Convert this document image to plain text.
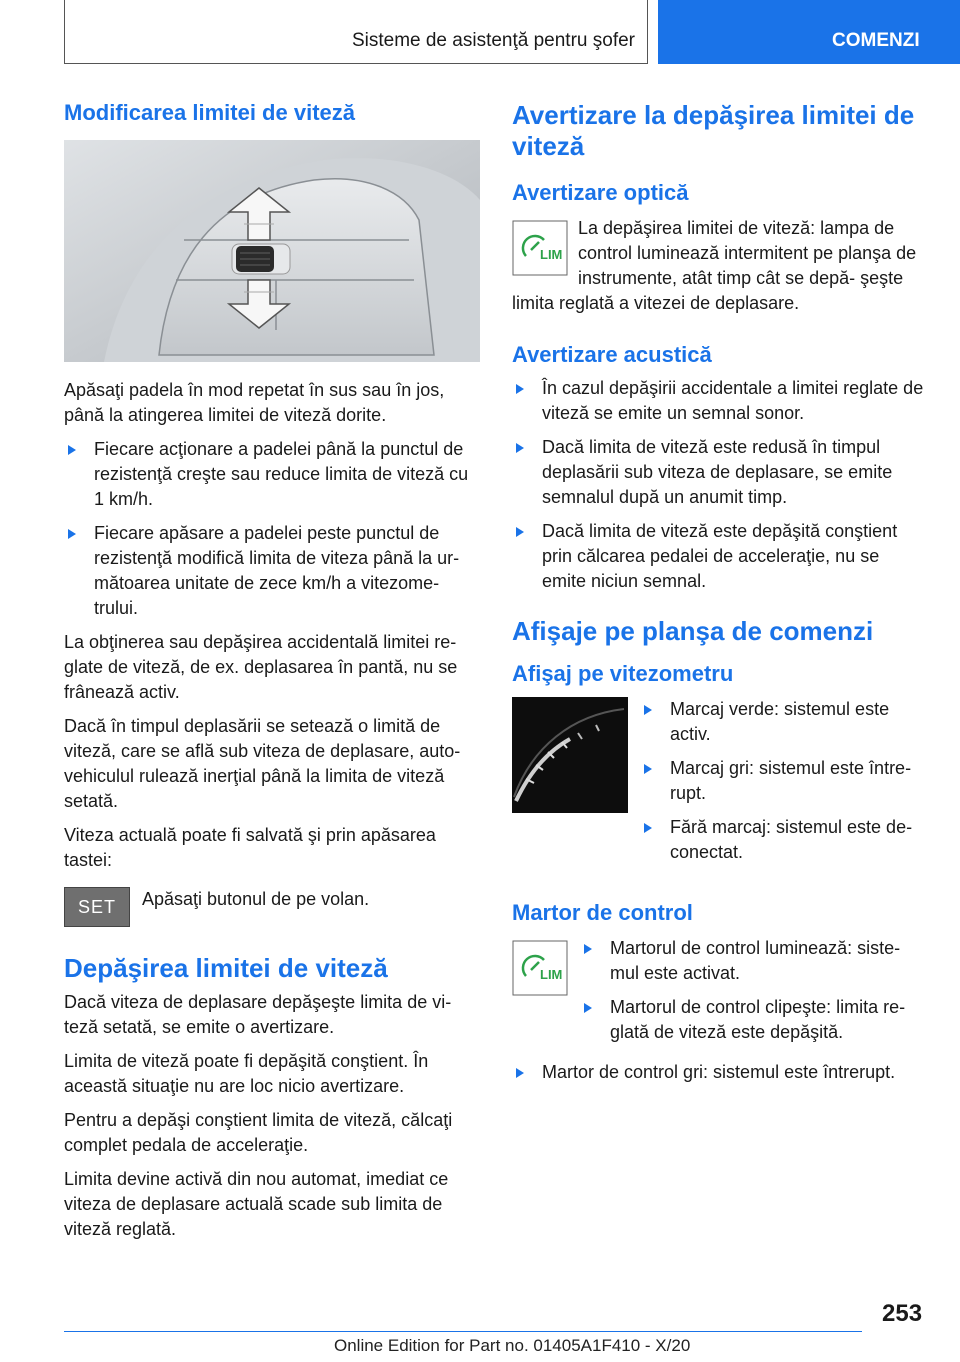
Sisteme de asistenţă pentru şofer	COMENZI
Modificarea limitei de viteză

Apăsaţi padela în mod repetat în sus sau în jos, până la atingerea limitei de viteză dorite.

Fiecare acţionare a padelei până la punctul de rezistenţă creşte sau reduce limita de viteză cu 1 km/h.
Fiecare apăsare a padelei peste punctul de rezistenţă modifică limita de viteza până la ur‐ mătoarea unitate de zece km/h a vitezome‐ trului.

La obţinerea sau depăşirea accidentală limitei re‐ glate de viteză, de ex. deplasarea în pantă, nu se frânează activ.

Dacă în timpul deplasării se setează o limită de viteză, care se află sub viteza de deplasare, auto‐ vehiculul rulează inerţial până la limita de viteză setată.

Viteza actuală poate fi salvată şi prin apăsarea tastei:

SET Apăsaţi butonul de pe volan.

Depăşirea limitei de viteză

Dacă viteza de deplasare depăşeşte limita de vi‐ teză setată, se emite o avertizare.

Limita de viteză poate fi depăşită conştient. În această situaţie nu are loc nicio avertizare.

Pentru a depăşi conştient limita de viteză, călcaţi complet pedala de acceleraţie.

Limita devine activă din nou automat, imediat ce viteza de deplasare actuală scade sub limita de viteză reglată.

Avertizare la depăşirea limitei de viteză
Avertizare optică
LIM

La depăşirea limitei de viteză: lampa de control luminează intermitent pe planşa de instrumente, atât timp cât se depă‐ şeşte limita reglată a vitezei de deplasare.

Avertizare acustică
În cazul depăşirii accidentale a limitei reglate de viteză se emite un semnal sonor.
Dacă limita de viteză este redusă în timpul deplasării sub viteza de deplasare, se emite semnalul după un anumit timp.
Dacă limita de viteză este depăşită conştient prin călcarea pedalei de acceleraţie, nu se emite niciun semnal.
Afişaje pe planşa de comenzi
Afişaj pe vitezometru
Marcaj verde: sistemul este activ.
Marcaj gri: sistemul este între‐ rupt.
Fără marcaj: sistemul este de‐ conectat.
Martor de control
LIM
Martorul de control luminează: siste‐ mul este activat.
Martorul de control clipeşte: limita re‐ glată de viteză este depăşită.
Martor de control gri: sistemul este întrerupt.
253
Online Edition for Part no. 01405A1F410 - X/20
